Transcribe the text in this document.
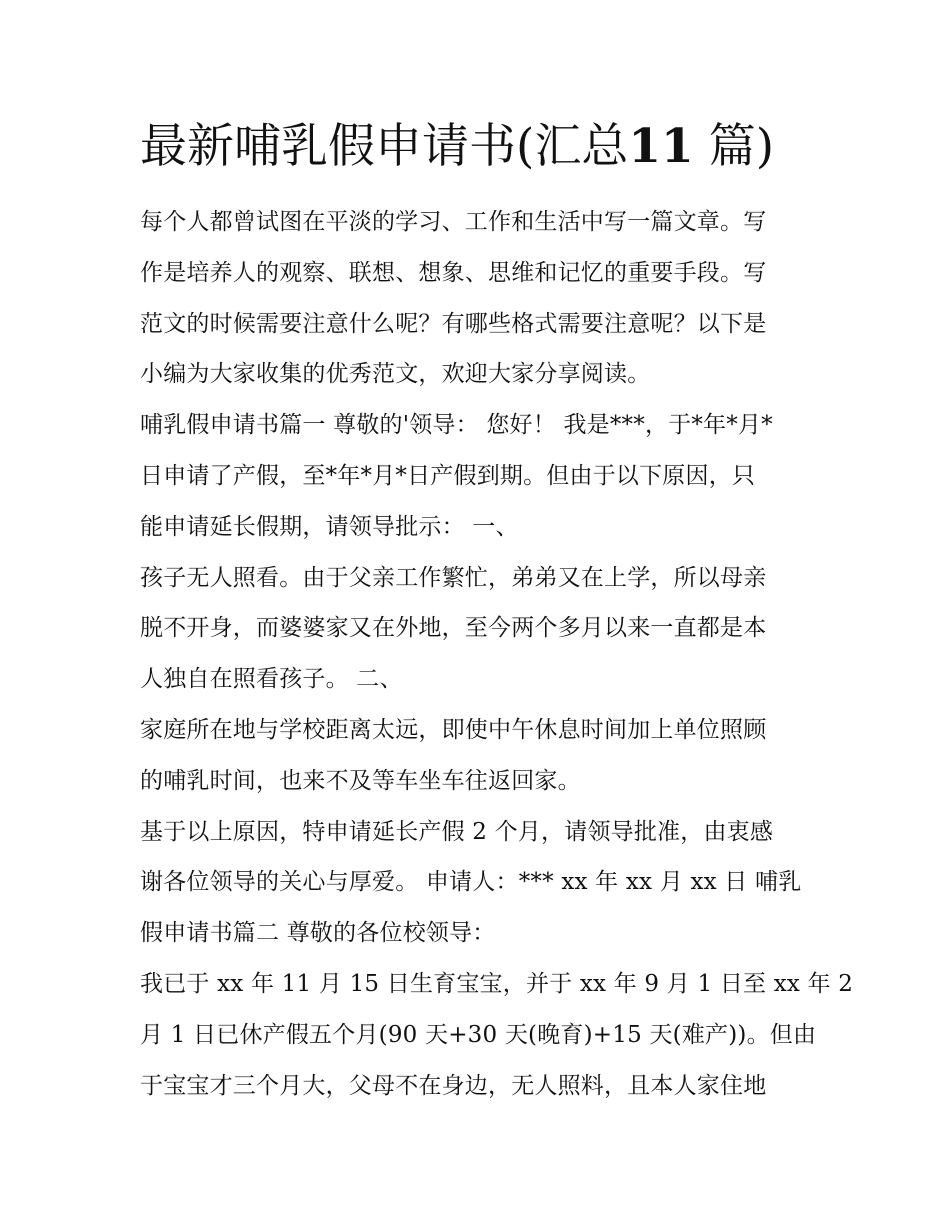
最新哺乳假申请书(汇总11 篇)
每个人都曾试图在平淡的学习、工作和生活中写一篇文章。写
作是培养人的观察、联想、想象、思维和记忆的重要手段。写
范文的时候需要注意什么呢？有哪些格式需要注意呢？以下是
小编为大家收集的优秀范文，欢迎大家分享阅读。
哺乳假申请书篇一 尊敬的'领导： 您好！ 我是***，于*年*月*
日申请了产假，至*年*月*日产假到期。但由于以下原因，只
能申请延长假期，请领导批示： 一、
孩子无人照看。由于父亲工作繁忙，弟弟又在上学，所以母亲
脱不开身，而婆婆家又在外地，至今两个多月以来一直都是本
人独自在照看孩子。 二、
家庭所在地与学校距离太远，即使中午休息时间加上单位照顾
的哺乳时间，也来不及等车坐车往返回家。
基于以上原因，特申请延长产假 2 个月，请领导批准，由衷感
谢各位领导的关心与厚爱。 申请人：*** xx 年 xx 月 xx 日 哺乳
假申请书篇二 尊敬的各位校领导：
我已于 xx 年 11 月 15 日生育宝宝，并于 xx 年 9 月 1 日至 xx 年 2
月 1 日已休产假五个月(90 天+30 天(晚育)+15 天(难产))。但由
于宝宝才三个月大，父母不在身边，无人照料，且本人家住地
